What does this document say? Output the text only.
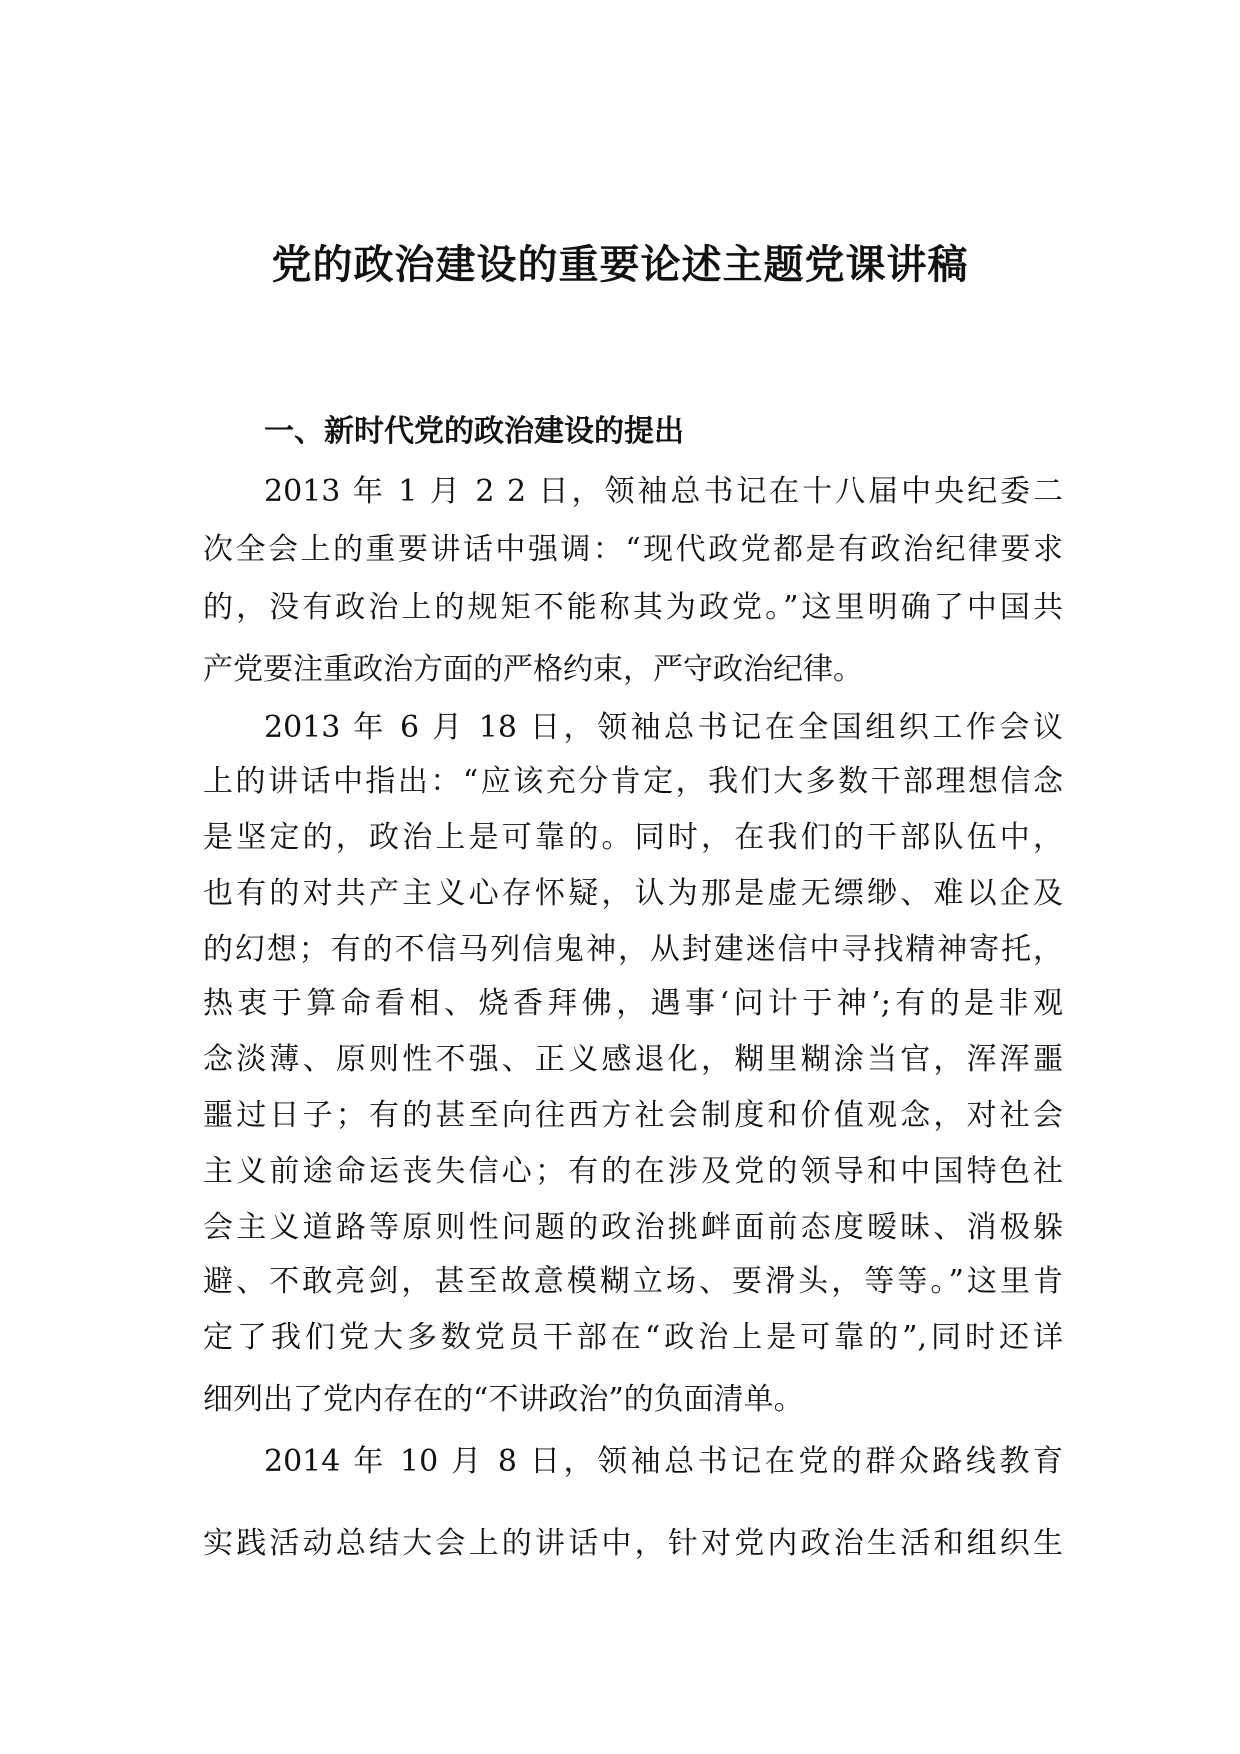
党的政治建设的重要论述主题党课讲稿
一、新时代党的政治建设的提出

2013 年 1 月 2 2 日，领袖总书记在十八届中央纪委二

次全会上的重要讲话中强调：“现代政党都是有政治纪律要求

的，没有政治上的规矩不能称其为政党。”这里明确了中国共

产党要注重政治方面的严格约束，严守政治纪律。

2013 年 6 月 18 日，领袖总书记在全国组织工作会议

上的讲话中指出：“应该充分肯定，我们大多数干部理想信念

是坚定的，政治上是可靠的。同时，在我们的干部队伍中，

也有的对共产主义心存怀疑，认为那是虚无缥缈、难以企及

的幻想；有的不信马列信鬼神，从封建迷信中寻找精神寄托，

热衷于算命看相、烧香拜佛，遇事‘问计于神’;有的是非观

念淡薄、原则性不强、正义感退化，糊里糊涂当官，浑浑噩

噩过日子；有的甚至向往西方社会制度和价值观念，对社会

主义前途命运丧失信心；有的在涉及党的领导和中国特色社

会主义道路等原则性问题的政治挑衅面前态度暧昧、消极躲

避、不敢亮剑，甚至故意模糊立场、要滑头，等等。”这里肯

定了我们党大多数党员干部在“政治上是可靠的”,同时还详

细列出了党内存在的“不讲政治”的负面清单。

2014 年 10 月 8 日，领袖总书记在党的群众路线教育

实践活动总结大会上的讲话中，针对党内政治生活和组织生
